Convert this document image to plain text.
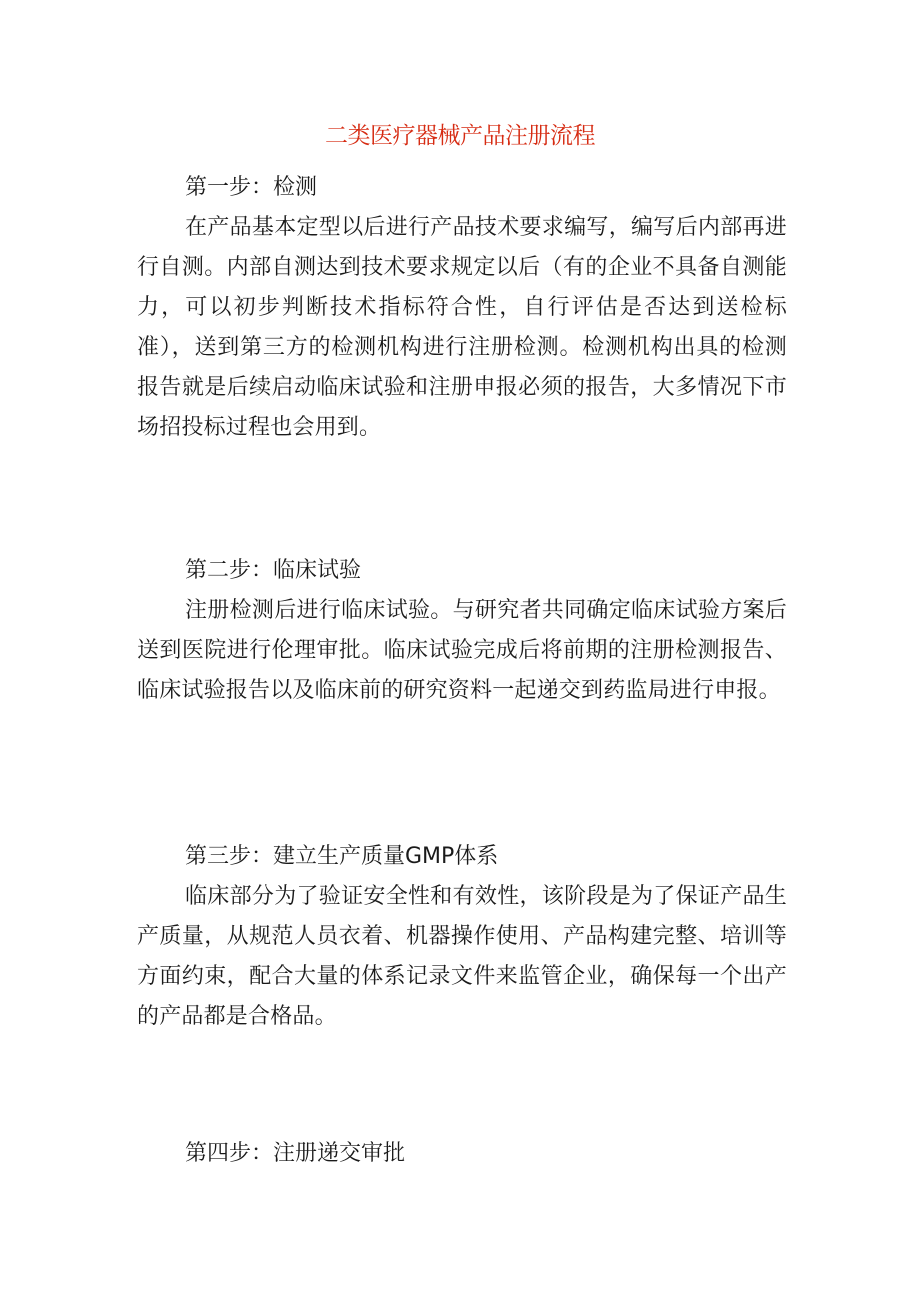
二类医疗器械产品注册流程

第一步：检测

在产品基本定型以后进行产品技术要求编写，编写后内部再进行自测。内部自测达到技术要求规定以后（有的企业不具备自测能力，可以初步判断技术指标符合性，自行评估是否达到送检标准），送到第三方的检测机构进行注册检测。检测机构出具的检测报告就是后续启动临床试验和注册申报必须的报告，大多情况下市场招投标过程也会用到。

第二步：临床试验

注册检测后进行临床试验。与研究者共同确定临床试验方案后送到医院进行伦理审批。临床试验完成后将前期的注册检测报告、临床试验报告以及临床前的研究资料一起递交到药监局进行申报。

第三步：建立生产质量GMP体系

临床部分为了验证安全性和有效性，该阶段是为了保证产品生产质量，从规范人员衣着、机器操作使用、产品构建完整、培训等方面约束，配合大量的体系记录文件来监管企业，确保每一个出产的产品都是合格品。

第四步：注册递交审批
